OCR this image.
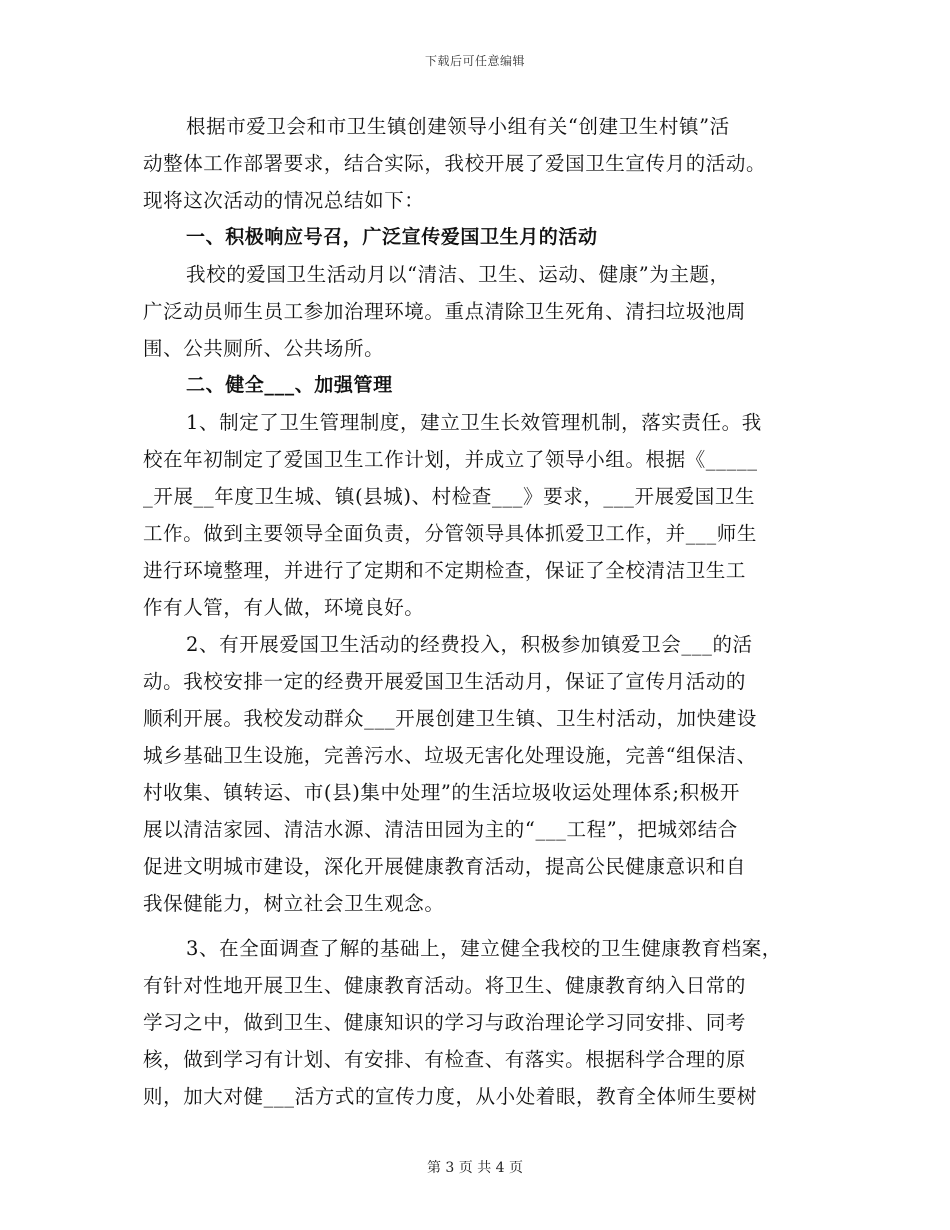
下载后可任意编辑
根据市爱卫会和市卫生镇创建领导小组有关“创建卫生村镇”活
动整体工作部署要求，结合实际，我校开展了爱国卫生宣传月的活动。
现将这次活动的情况总结如下：
一、积极响应号召，广泛宣传爱国卫生月的活动
我校的爱国卫生活动月以“清洁、卫生、运动、健康”为主题，
广泛动员师生员工参加治理环境。重点清除卫生死角、清扫垃圾池周
围、公共厕所、公共场所。
二、健全___、加强管理
1、制定了卫生管理制度，建立卫生长效管理机制，落实责任。我
校在年初制定了爱国卫生工作计划，并成立了领导小组。根据《_____
_开展__年度卫生城、镇(县城)、村检查___》要求，___开展爱国卫生
工作。做到主要领导全面负责，分管领导具体抓爱卫工作，并___师生
进行环境整理，并进行了定期和不定期检查，保证了全校清洁卫生工
作有人管，有人做，环境良好。
2、有开展爱国卫生活动的经费投入，积极参加镇爱卫会___的活
动。我校安排一定的经费开展爱国卫生活动月，保证了宣传月活动的
顺利开展。我校发动群众___开展创建卫生镇、卫生村活动，加快建设
城乡基础卫生设施，完善污水、垃圾无害化处理设施，完善“组保洁、
村收集、镇转运、市(县)集中处理”的生活垃圾收运处理体系;积极开
展以清洁家园、清洁水源、清洁田园为主的“___工程”，把城郊结合
促进文明城市建设，深化开展健康教育活动，提高公民健康意识和自
我保健能力，树立社会卫生观念。
3、在全面调查了解的基础上，建立健全我校的卫生健康教育档案，
有针对性地开展卫生、健康教育活动。将卫生、健康教育纳入日常的
学习之中，做到卫生、健康知识的学习与政治理论学习同安排、同考
核，做到学习有计划、有安排、有检查、有落实。根据科学合理的原
则，加大对健___活方式的宣传力度，从小处着眼，教育全体师生要树
第 3 页 共 4 页
